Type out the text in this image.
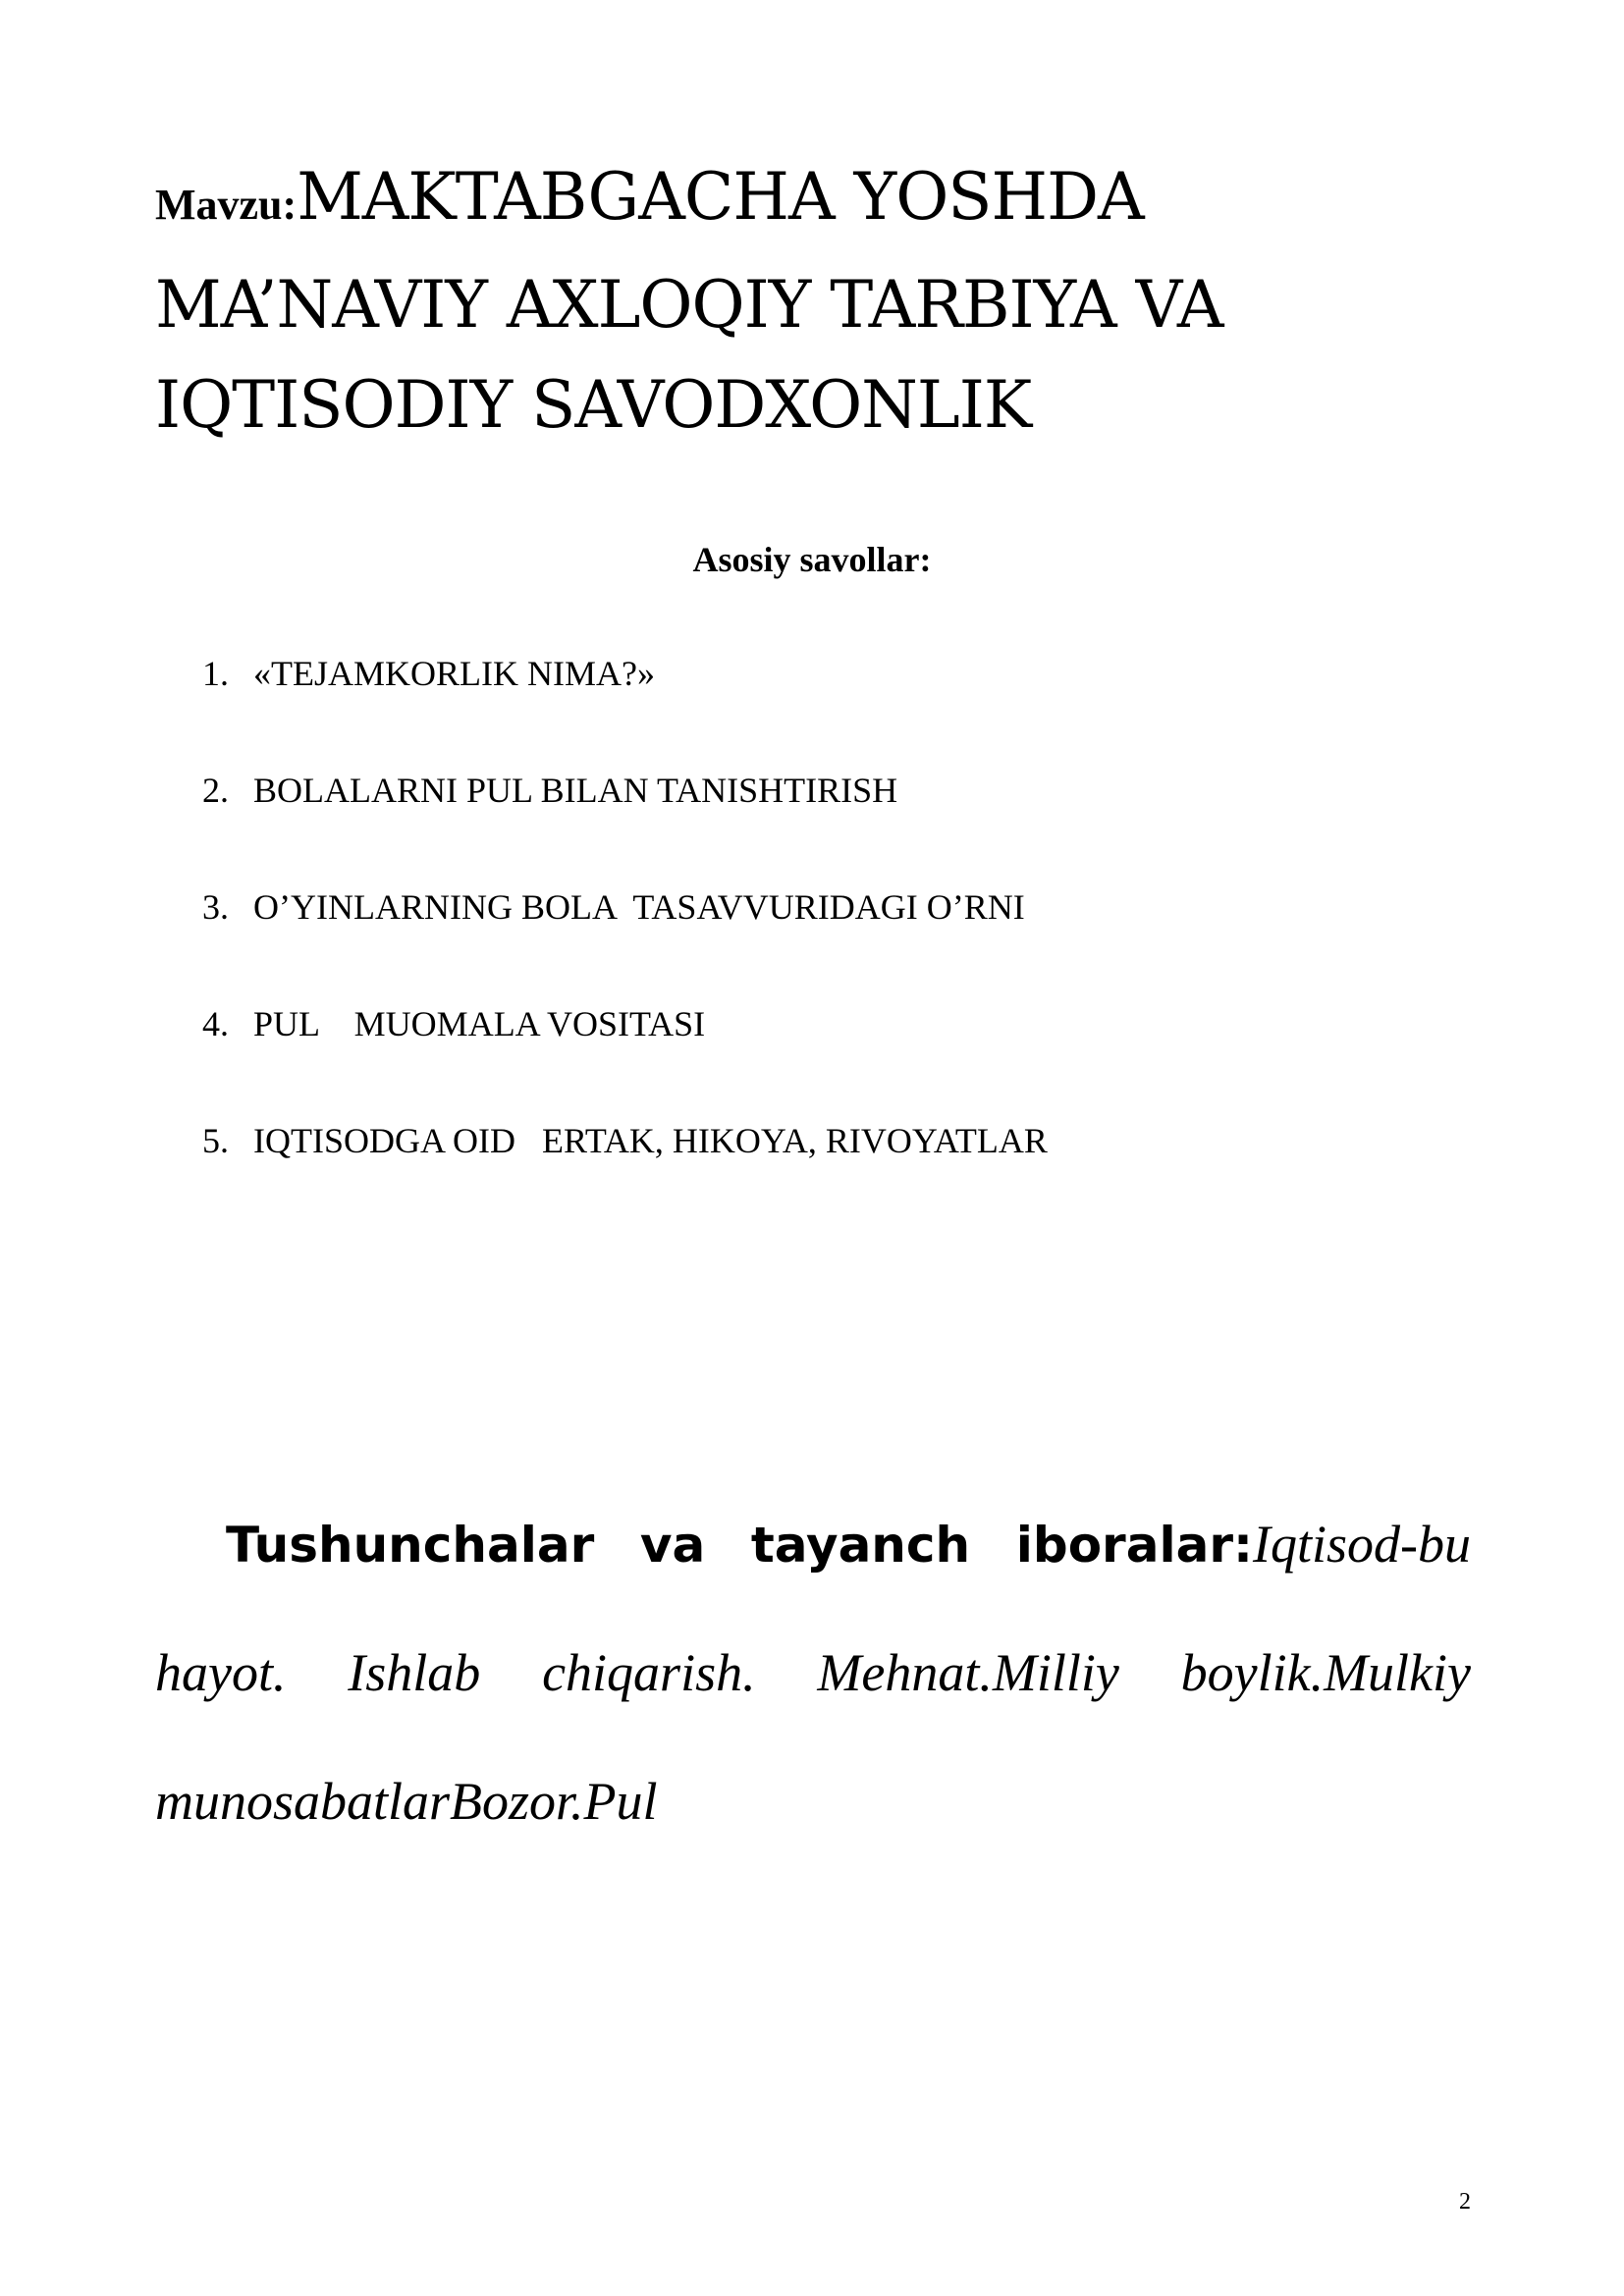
Mavzu:MAKTABGACHA YOSHDA MA’NAVIY AXLOQIY TARBIYA VA IQTISODIY SAVODXONLIK
Asosiy savollar:
1. «TEJAMKORLIK NIMA?»
2. BOLALARNI PUL BILAN TANISHTIRISH
3. O’YINLARNING BOLA  TASAVVURIDAGI O’RNI
4. PUL    MUOMALA VOSITASI
5. IQTISODGA OID   ERTAK, HIKOYA, RIVOYATLAR

Tushunchalar va tayanch iboralar:Iqtisod-bu hayot. Ishlab chiqarish. Mehnat.Milliy boylik.Mulkiy munosabatlarBozor.Pul

2
